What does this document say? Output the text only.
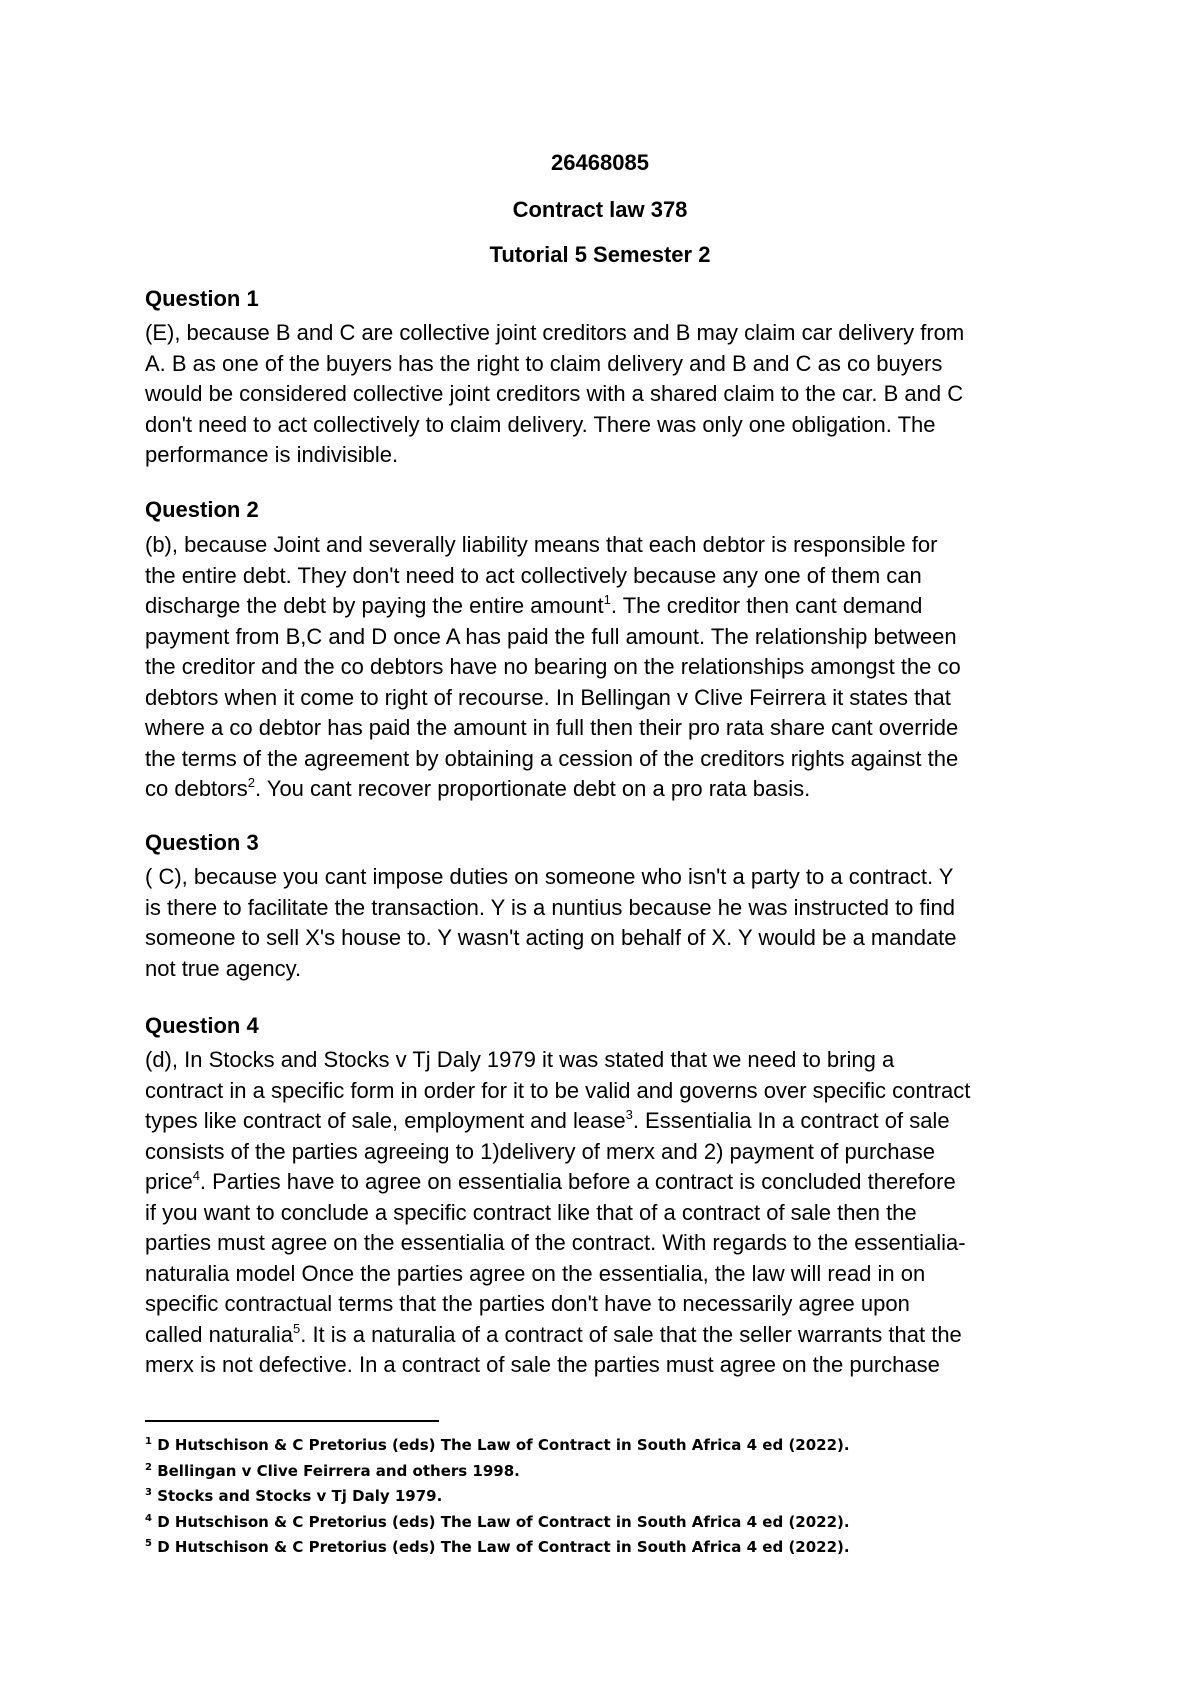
26468085
Contract law 378
Tutorial 5 Semester 2
Question 1
(E), because B and C are collective joint creditors and B may claim car delivery from
A. B as one of the buyers has the right to claim delivery and B and C as co buyers
would be considered collective joint creditors with a shared claim to the car. B and C
don't need to act collectively to claim delivery. There was only one obligation. The
performance is indivisible.
Question 2
(b), because Joint and severally liability means that each debtor is responsible for
the entire debt. They don't need to act collectively because any one of them can
discharge the debt by paying the entire amount$^1$. The creditor then cant demand
payment from B,C and D once A has paid the full amount. The relationship between
the creditor and the co debtors have no bearing on the relationships amongst the co
debtors when it come to right of recourse. In Bellingan v Clive Feirrera it states that
where a co debtor has paid the amount in full then their pro rata share cant override
the terms of the agreement by obtaining a cession of the creditors rights against the
co debtors$^2$. You cant recover proportionate debt on a pro rata basis.
Question 3
( C), because you cant impose duties on someone who isn't a party to a contract. Y
is there to facilitate the transaction. Y is a nuntius because he was instructed to find
someone to sell X's house to. Y wasn't acting on behalf of X. Y would be a mandate
not true agency.
Question 4
(d), In Stocks and Stocks v Tj Daly 1979 it was stated that we need to bring a
contract in a specific form in order for it to be valid and governs over specific contract
types like contract of sale, employment and lease$^3$. Essentialia In a contract of sale
consists of the parties agreeing to 1)delivery of merx and 2) payment of purchase
price$^4$. Parties have to agree on essentialia before a contract is concluded therefore
if you want to conclude a specific contract like that of a contract of sale then the
parties must agree on the essentialia of the contract. With regards to the essentialia-
naturalia model Once the parties agree on the essentialia, the law will read in on
specific contractual terms that the parties don't have to necessarily agree upon
called naturalia$^5$. It is a naturalia of a contract of sale that the seller warrants that the
merx is not defective. In a contract of sale the parties must agree on the purchase
$^1$ D Hutschison & C Pretorius (eds) The Law of Contract in South Africa 4 ed (2022).
$^2$ Bellingan v Clive Feirrera and others 1998.
$^3$ Stocks and Stocks v Tj Daly 1979.
$^4$ D Hutschison & C Pretorius (eds) The Law of Contract in South Africa 4 ed (2022).
$^5$ D Hutschison & C Pretorius (eds) The Law of Contract in South Africa 4 ed (2022).
